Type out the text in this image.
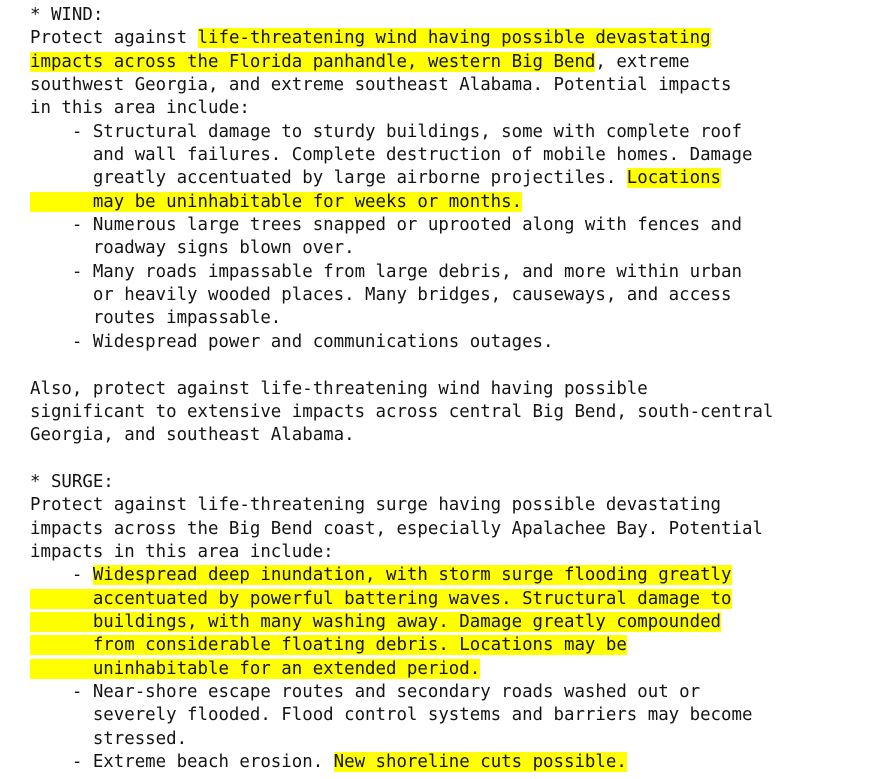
* WIND:
Protect against life-threatening wind having possible devastating
impacts across the Florida panhandle, western Big Bend, extreme
southwest Georgia, and extreme southeast Alabama. Potential impacts
in this area include:
- Structural damage to sturdy buildings, some with complete roof
and wall failures. Complete destruction of mobile homes. Damage
greatly accentuated by large airborne projectiles. Locations
may be uninhabitable for weeks or months.
- Numerous large trees snapped or uprooted along with fences and
roadway signs blown over.
- Many roads impassable from large debris, and more within urban
or heavily wooded places. Many bridges, causeways, and access
routes impassable.
- Widespread power and communications outages.
Also, protect against life-threatening wind having possible
significant to extensive impacts across central Big Bend, south-central
Georgia, and southeast Alabama.
* SURGE:
Protect against life-threatening surge having possible devastating
impacts across the Big Bend coast, especially Apalachee Bay. Potential
impacts in this area include:
- Widespread deep inundation, with storm surge flooding greatly
accentuated by powerful battering waves. Structural damage to
buildings, with many washing away. Damage greatly compounded
from considerable floating debris. Locations may be
uninhabitable for an extended period.
- Near-shore escape routes and secondary roads washed out or
severely flooded. Flood control systems and barriers may become
stressed.
- Extreme beach erosion. New shoreline cuts possible.
